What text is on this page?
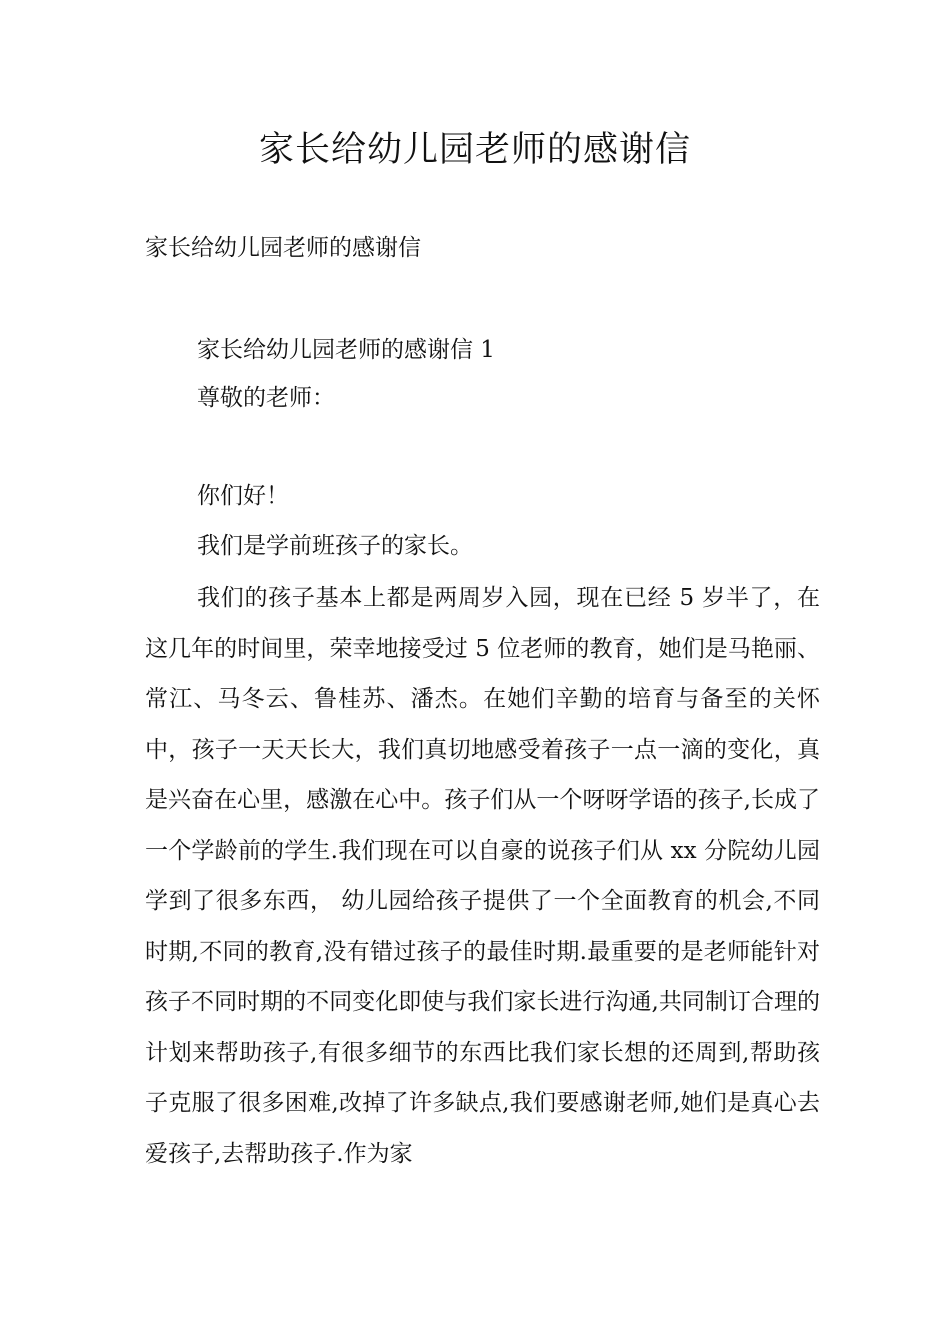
家长给幼儿园老师的感谢信
家长给幼儿园老师的感谢信
家长给幼儿园老师的感谢信 1
尊敬的老师：
你们好！
我们是学前班孩子的家长。
我们的孩子基本上都是两周岁入园，现在已经 5 岁半了，在这几年的时间里，荣幸地接受过 5 位老师的教育，她们是马艳丽、常江、马冬云、鲁桂苏、潘杰。在她们辛勤的培育与备至的关怀中，孩子一天天长大，我们真切地感受着孩子一点一滴的变化，真是兴奋在心里，感激在心中。孩子们从一个呀呀学语的孩子,长成了一个学龄前的学生.我们现在可以自豪的说孩子们从 xx 分院幼儿园学到了很多东西， 幼儿园给孩子提供了一个全面教育的机会,不同时期,不同的教育,没有错过孩子的最佳时期.最重要的是老师能针对孩子不同时期的不同变化即使与我们家长进行沟通,共同制订合理的计划来帮助孩子,有很多细节的东西比我们家长想的还周到,帮助孩子克服了很多困难,改掉了许多缺点,我们要感谢老师,她们是真心去爱孩子,去帮助孩子.作为家
